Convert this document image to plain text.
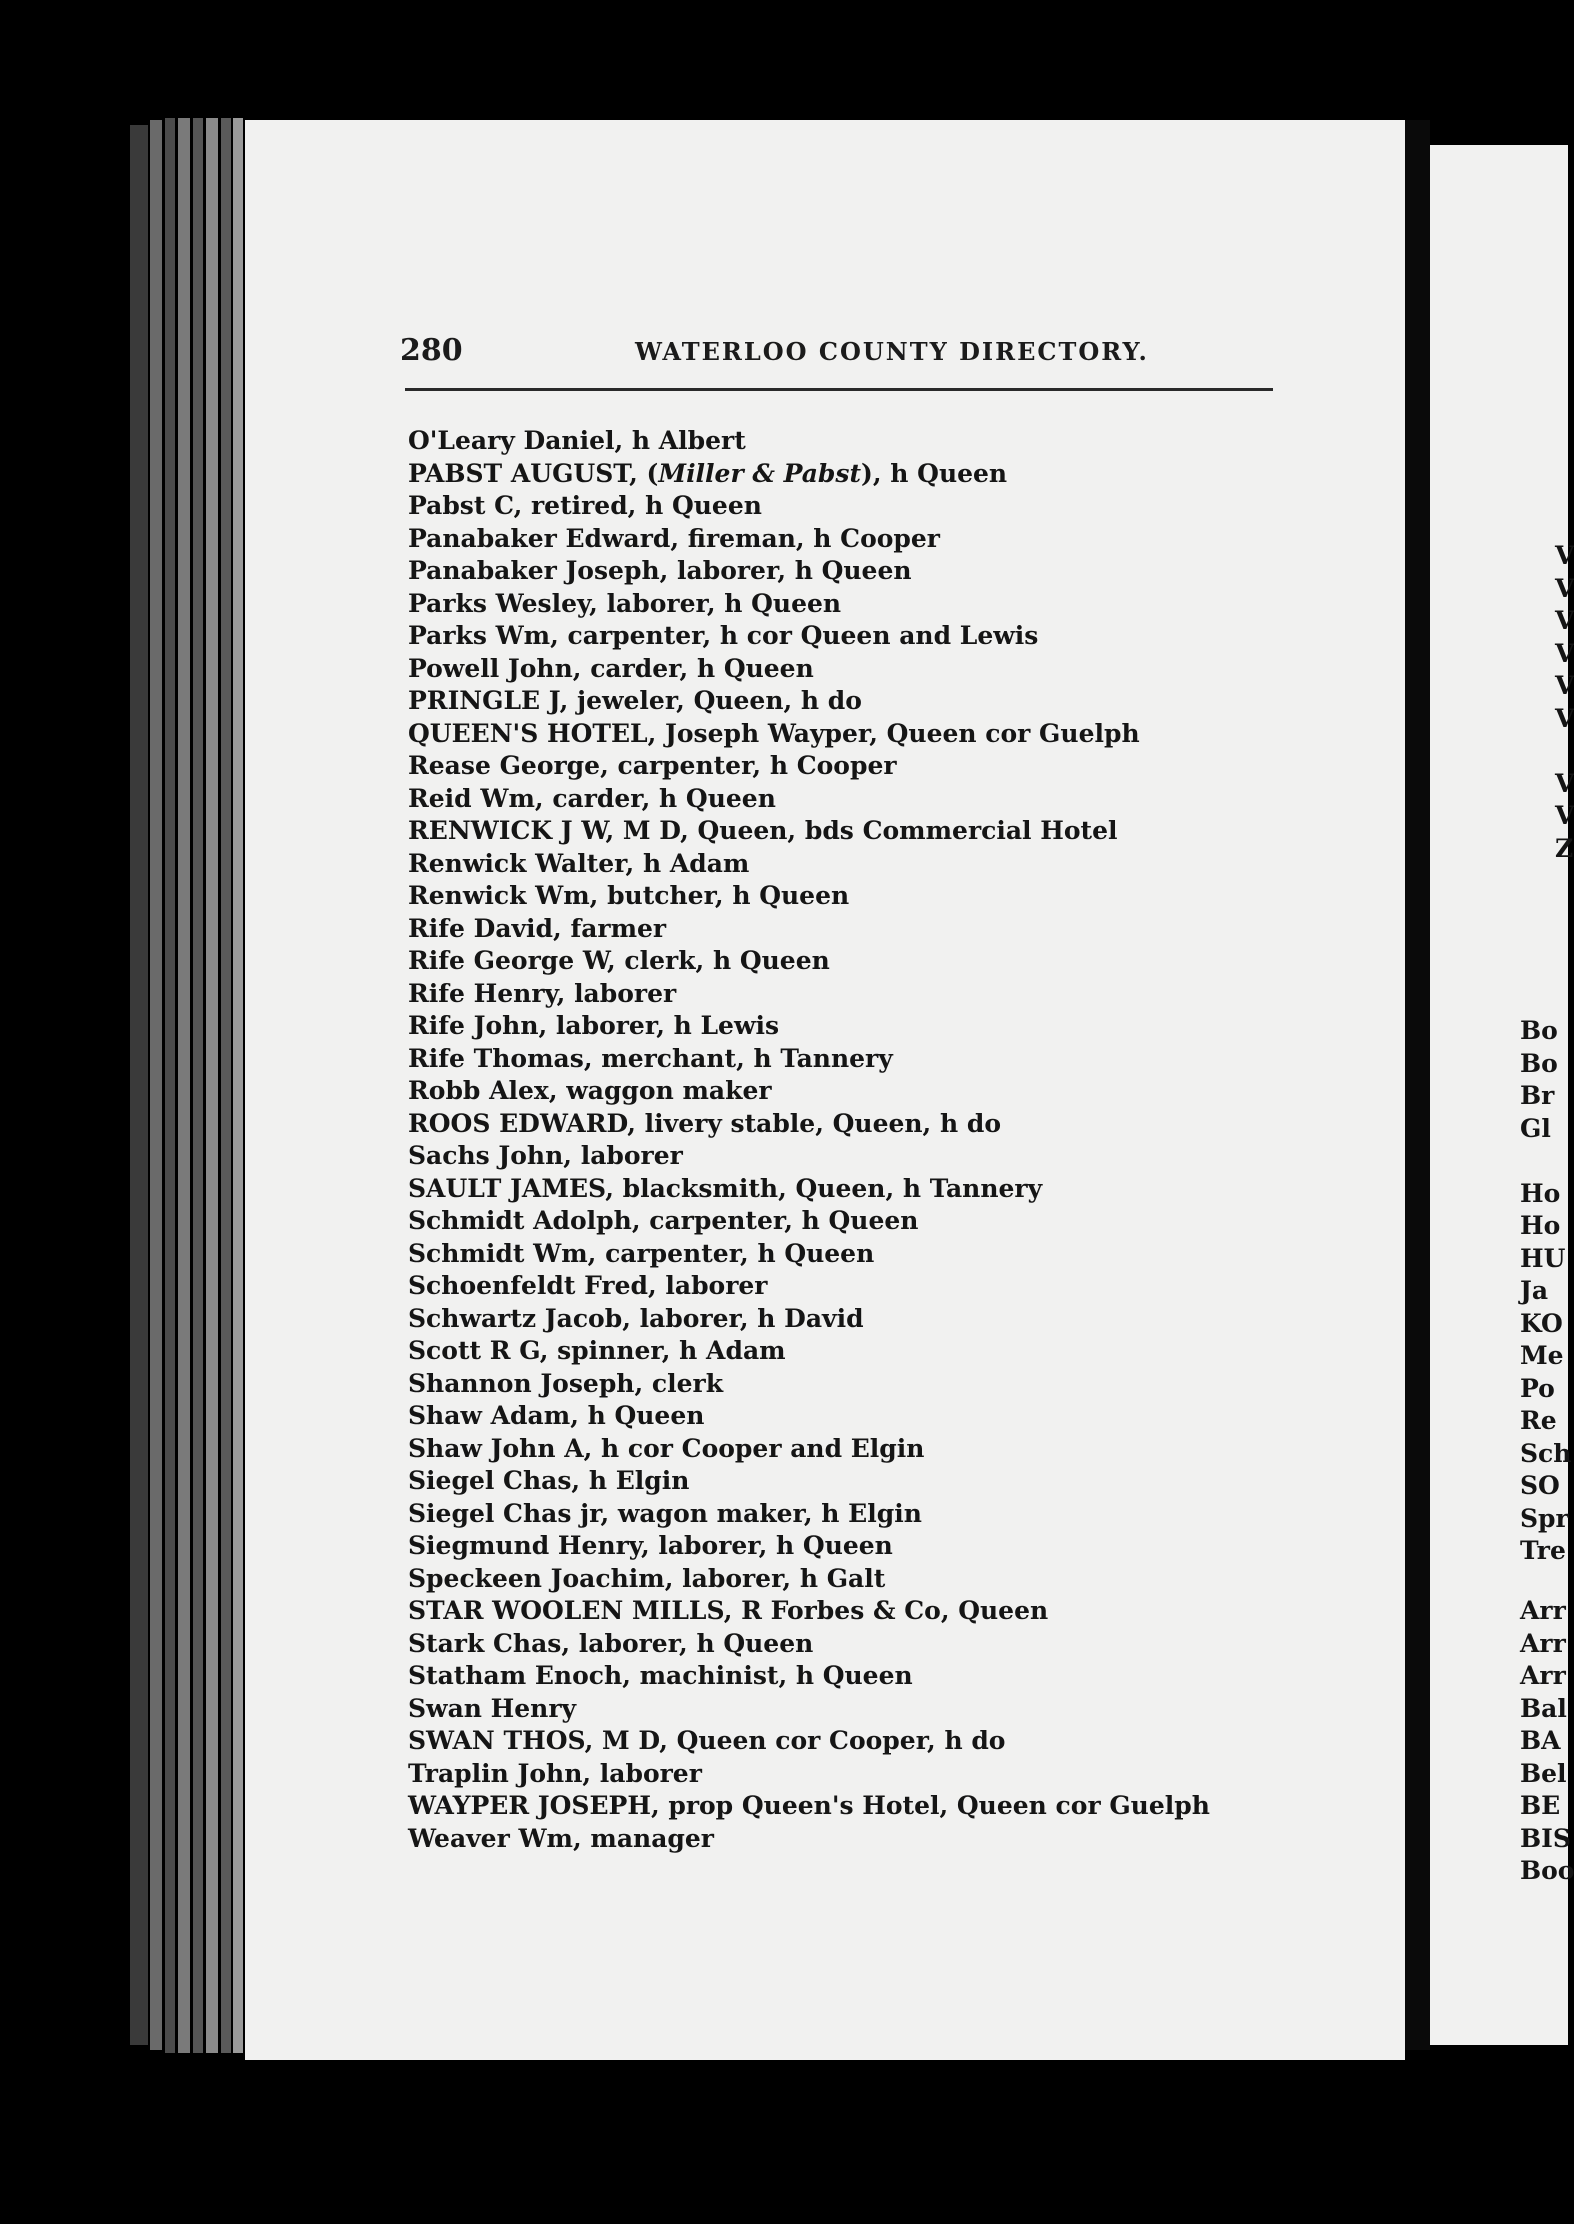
280	WATERLOO COUNTY DIRECTORY.
O'Leary Daniel, h Albert
PABST AUGUST, (Miller & Pabst), h Queen
Pabst C, retired, h Queen
Panabaker Edward, fireman, h Cooper
Panabaker Joseph, laborer, h Queen
Parks Wesley, laborer, h Queen
Parks Wm, carpenter, h cor Queen and Lewis
Powell John, carder, h Queen
PRINGLE J, jeweler, Queen, h do
QUEEN'S HOTEL, Joseph Wayper, Queen cor Guelph
Rease George, carpenter, h Cooper
Reid Wm, carder, h Queen
RENWICK J W, M D, Queen, bds Commercial Hotel
Renwick Walter, h Adam
Renwick Wm, butcher, h Queen
Rife David, farmer
Rife George W, clerk, h Queen
Rife Henry, laborer
Rife John, laborer, h Lewis
Rife Thomas, merchant, h Tannery
Robb Alex, waggon maker
ROOS EDWARD, livery stable, Queen, h do
Sachs John, laborer
SAULT JAMES, blacksmith, Queen, h Tannery
Schmidt Adolph, carpenter, h Queen
Schmidt Wm, carpenter, h Queen
Schoenfeldt Fred, laborer
Schwartz Jacob, laborer, h David
Scott R G, spinner, h Adam
Shannon Joseph, clerk
Shaw Adam, h Queen
Shaw John A, h cor Cooper and Elgin
Siegel Chas, h Elgin
Siegel Chas jr, wagon maker, h Elgin
Siegmund Henry, laborer, h Queen
Speckeen Joachim, laborer, h Galt
STAR WOOLEN MILLS, R Forbes & Co, Queen
Stark Chas, laborer, h Queen
Statham Enoch, machinist, h Queen
Swan Henry
SWAN THOS, M D, Queen cor Cooper, h do
Traplin John, laborer
WAYPER JOSEPH, prop Queen's Hotel, Queen cor Guelph
Weaver Wm, manager
V
V
V
V
V
V
V
V
Z
Bo
Bo
Br
Gl
Ho
Ho
HU
Ja
KO
Me
Po
Re
Sch
SO
Spr
Tre
Arr
Arr
Arr
Bal
BA
Bel
BE
BIS
Boo
